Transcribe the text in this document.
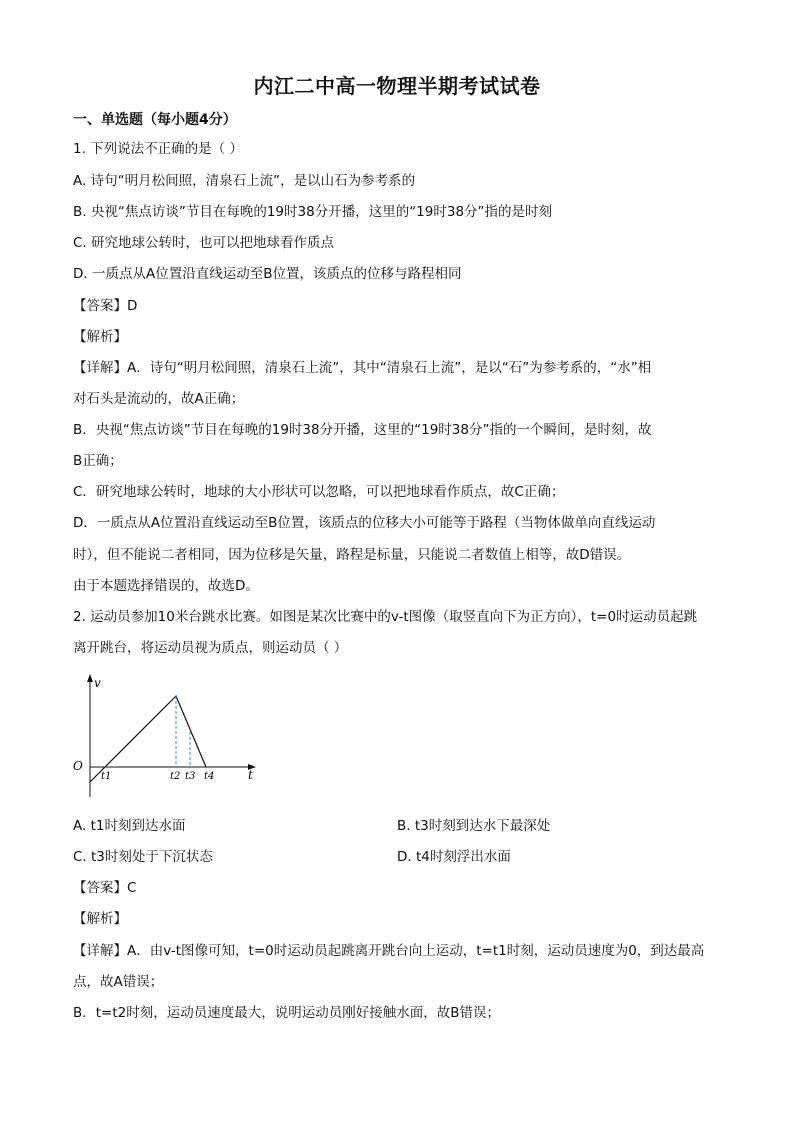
内江二中高一物理半期考试试卷
一、单选题（每小题4分）
1. 下列说法不正确的是（ ）
A. 诗句“明月松间照，清泉石上流”，是以山石为参考系的
B. 央视“焦点访谈”节目在每晚的19时38分开播，这里的“19时38分”指的是时刻
C. 研究地球公转时，也可以把地球看作质点
D. 一质点从A位置沿直线运动至B位置，该质点的位移与路程相同
【答案】D
【解析】
【详解】A．诗句“明月松间照，清泉石上流”，其中“清泉石上流”，是以“石”为参考系的，“水”相
对石头是流动的，故A正确；
B．央视“焦点访谈”节目在每晚的19时38分开播，这里的“19时38分”指的一个瞬间，是时刻，故
B正确；
C．研究地球公转时，地球的大小形状可以忽略，可以把地球看作质点，故C正确；
D．一质点从A位置沿直线运动至B位置，该质点的位移大小可能等于路程（当物体做单向直线运动
时），但不能说二者相同，因为位移是矢量，路程是标量，只能说二者数值上相等，故D错误。
由于本题选择错误的，故选D。
2. 运动员参加10米台跳水比赛。如图是某次比赛中的v-t图像（取竖直向下为正方向），t=0时运动员起跳
离开跳台，将运动员视为质点，则运动员（ ）
v
O
t
t1	t2 t3 t4
A. t1时刻到达水面	B. t3时刻到达水下最深处
C. t3时刻处于下沉状态	D. t4时刻浮出水面
【答案】C
【解析】
【详解】A．由v-t图像可知，t=0时运动员起跳离开跳台向上运动，t=t1时刻，运动员速度为0，到达最高
点，故A错误；
B．t=t2时刻，运动员速度最大，说明运动员刚好接触水面，故B错误；
